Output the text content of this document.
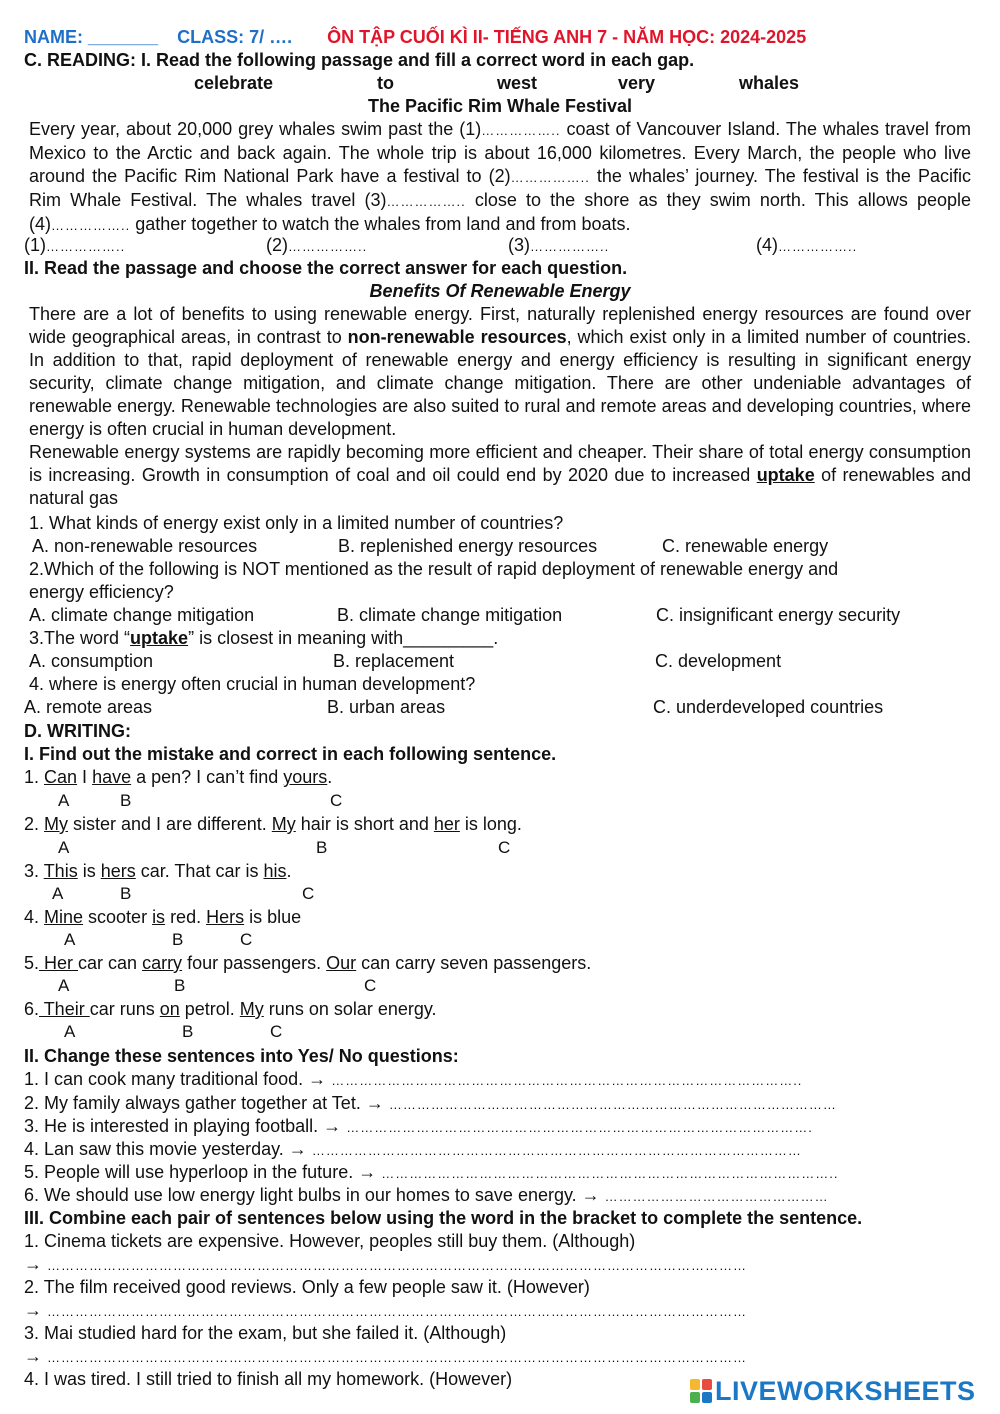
NAME: _______ CLASS: 7/ …. ÔN TẬP CUỐI KÌ II- TIẾNG ANH 7 - NĂM HỌC: 2024-2025
C. READING: I. Read the following passage and fill a correct word in each gap.
celebrate	to	west	very	whales
The Pacific Rim Whale Festival
Every year, about 20,000 grey whales swim past the (1)…………….. coast of Vancouver Island. The whales travel from Mexico to the Arctic and back again. The whole trip is about 16,000 kilometres. Every March, the people who live around the Pacific Rim National Park have a festival to (2)…………….. the whales’ journey. The festival is the Pacific Rim Whale Festival. The whales travel (3)…………….. close to the shore as they swim north. This allows people (4)…………….. gather together to watch the whales from land and from boats.
(1)……………..	(2)……………..	(3)……………..	(4)……………..
II. Read the passage and choose the correct answer for each question.
Benefits Of Renewable Energy
There are a lot of benefits to using renewable energy. First, naturally replenished energy resources are found over wide geographical areas, in contrast to non-renewable resources, which exist only in a limited number of countries. In addition to that, rapid deployment of renewable energy and energy efficiency is resulting in significant energy security, climate change mitigation, and climate change mitigation. There are other undeniable advantages of renewable energy. Renewable technologies are also suited to rural and remote areas and developing countries, where energy is often crucial in human development.
Renewable energy systems are rapidly becoming more efficient and cheaper. Their share of total energy consumption is increasing. Growth in consumption of coal and oil could end by 2020 due to increased uptake of renewables and natural gas
1. What kinds of energy exist only in a limited number of countries?
A. non-renewable resources	B. replenished energy resources	C. renewable energy
2.Which of the following is NOT mentioned as the result of rapid deployment of renewable energy and
energy efficiency?
A. climate change mitigation	B. climate change mitigation	C. insignificant energy security
3.The word “uptake” is closest in meaning with_________.
A. consumption	B. replacement	C. development
4. where is energy often crucial in human development?
A. remote areas	B. urban areas	C. underdeveloped countries
D. WRITING:
I. Find out the mistake and correct in each following sentence.
1. Can I have a pen? I can’t find yours.
A	B	C
2. My sister and I are different. My hair is short and her is long.
A	B	C
3. This is hers car. That car is his.
A	B	C
4. Mine scooter is red. Hers is blue
A	B	C
5. Her car can carry four passengers. Our can carry seven passengers.
A	B	C
6. Their car runs on petrol. My runs on solar energy.
A	B	C
II. Change these sentences into Yes/ No questions:
1. I can cook many traditional food. → ………………………………………………………………………………………..
2. My family always gather together at Tet. → ……………………………………………………………………………………
3. He is interested in playing football. → ……………………………………………………………………………………….
4. Lan saw this movie yesterday. → ……………………………………………………………………………………………
5. People will use hyperloop in the future. → ……………………………………………………………………………………..
6. We should use low energy light bulbs in our homes to save energy. → …………………………………………
III. Combine each pair of sentences below using the word in the bracket to complete the sentence.
1. Cinema tickets are expensive. However, peoples still buy them. (Although)
→ ……………………………………………………………………………………………………………………………………
2. The film received good reviews. Only a few people saw it. (However)
→ ……………………………………………………………………………………………………………………………………
3. Mai studied hard for the exam, but she failed it. (Although)
→ ……………………………………………………………………………………………………………………………………
4. I was tired. I still tried to finish all my homework. (However)	LIVEWORKSHEETS
